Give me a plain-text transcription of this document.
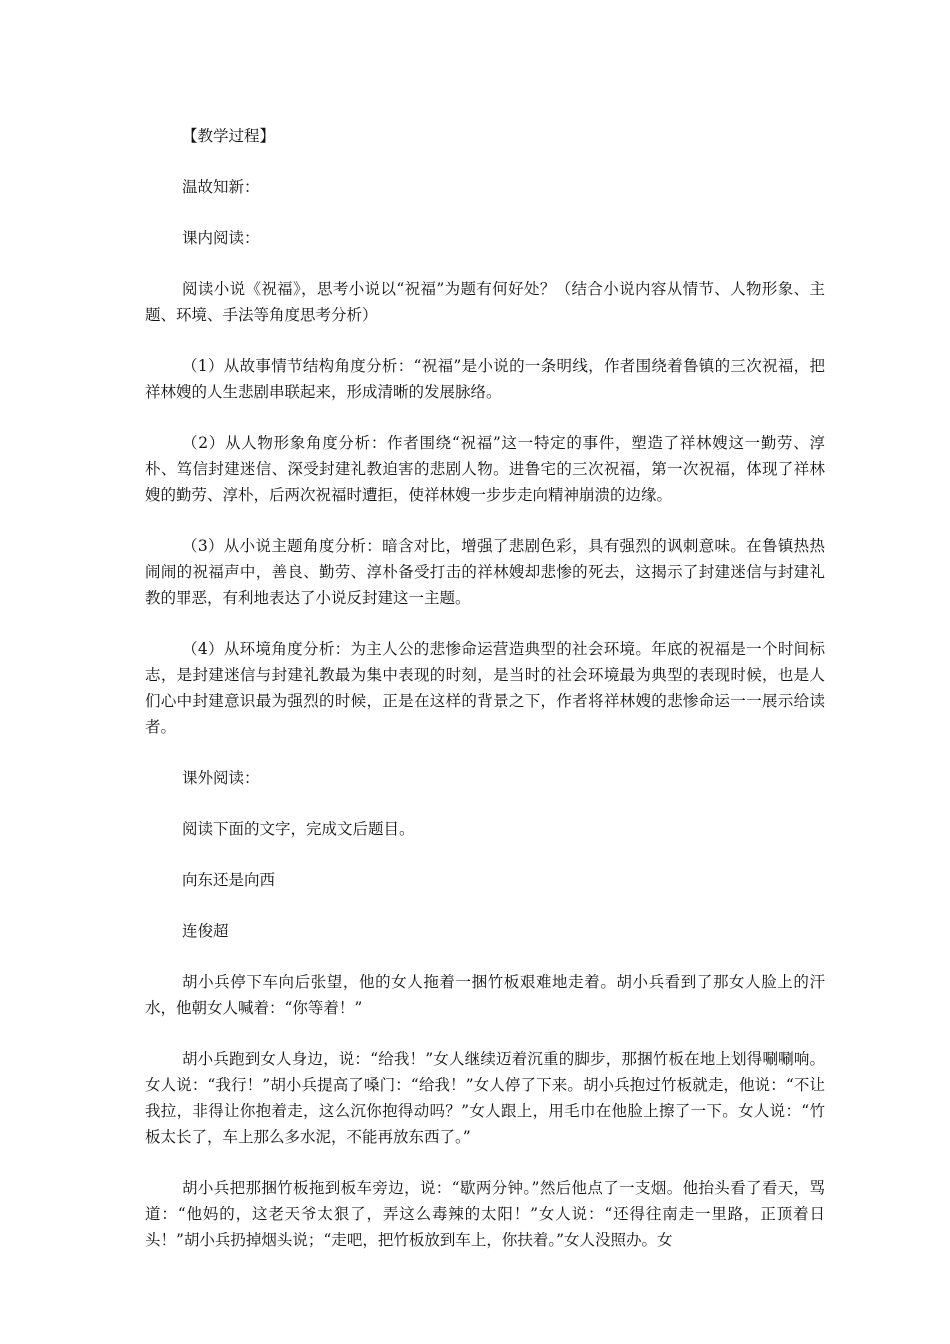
【教学过程】

温故知新：

课内阅读：

阅读小说《祝福》，思考小说以“祝福”为题有何好处？（结合小说内容从情节、人物形象、主题、环境、手法等角度思考分析）

（1）从故事情节结构角度分析：“祝福”是小说的一条明线，作者围绕着鲁镇的三次祝福，把祥林嫂的人生悲剧串联起来，形成清晰的发展脉络。

（2）从人物形象角度分析：作者围绕“祝福”这一特定的事件，塑造了祥林嫂这一勤劳、淳朴、笃信封建迷信、深受封建礼教迫害的悲剧人物。进鲁宅的三次祝福，第一次祝福，体现了祥林嫂的勤劳、淳朴，后两次祝福时遭拒，使祥林嫂一步步走向精神崩溃的边缘。

（3）从小说主题角度分析：暗含对比，增强了悲剧色彩，具有强烈的讽刺意味。在鲁镇热热闹闹的祝福声中，善良、勤劳、淳朴备受打击的祥林嫂却悲惨的死去，这揭示了封建迷信与封建礼教的罪恶，有利地表达了小说反封建这一主题。

（4）从环境角度分析：为主人公的悲惨命运营造典型的社会环境。年底的祝福是一个时间标志，是封建迷信与封建礼教最为集中表现的时刻，是当时的社会环境最为典型的表现时候，也是人们心中封建意识最为强烈的时候，正是在这样的背景之下，作者将祥林嫂的悲惨命运一一展示给读者。

课外阅读：

阅读下面的文字，完成文后题目。

向东还是向西

连俊超

胡小兵停下车向后张望，他的女人拖着一捆竹板艰难地走着。胡小兵看到了那女人脸上的汗水，他朝女人喊着：“你等着！”

胡小兵跑到女人身边，说：“给我！”女人继续迈着沉重的脚步，那捆竹板在地上划得唰唰响。女人说：“我行！”胡小兵提高了嗓门：“给我！”女人停了下来。胡小兵抱过竹板就走，他说：“不让我拉，非得让你抱着走，这么沉你抱得动吗？”女人跟上，用毛巾在他脸上擦了一下。女人说：“竹板太长了，车上那么多水泥，不能再放东西了。”

胡小兵把那捆竹板拖到板车旁边，说：“歇两分钟。”然后他点了一支烟。他抬头看了看天，骂道：“他妈的，这老天爷太狠了，弄这么毒辣的太阳！”女人说：“还得往南走一里路，正顶着日头！”胡小兵扔掉烟头说；“走吧，把竹板放到车上，你扶着。”女人没照办。女
